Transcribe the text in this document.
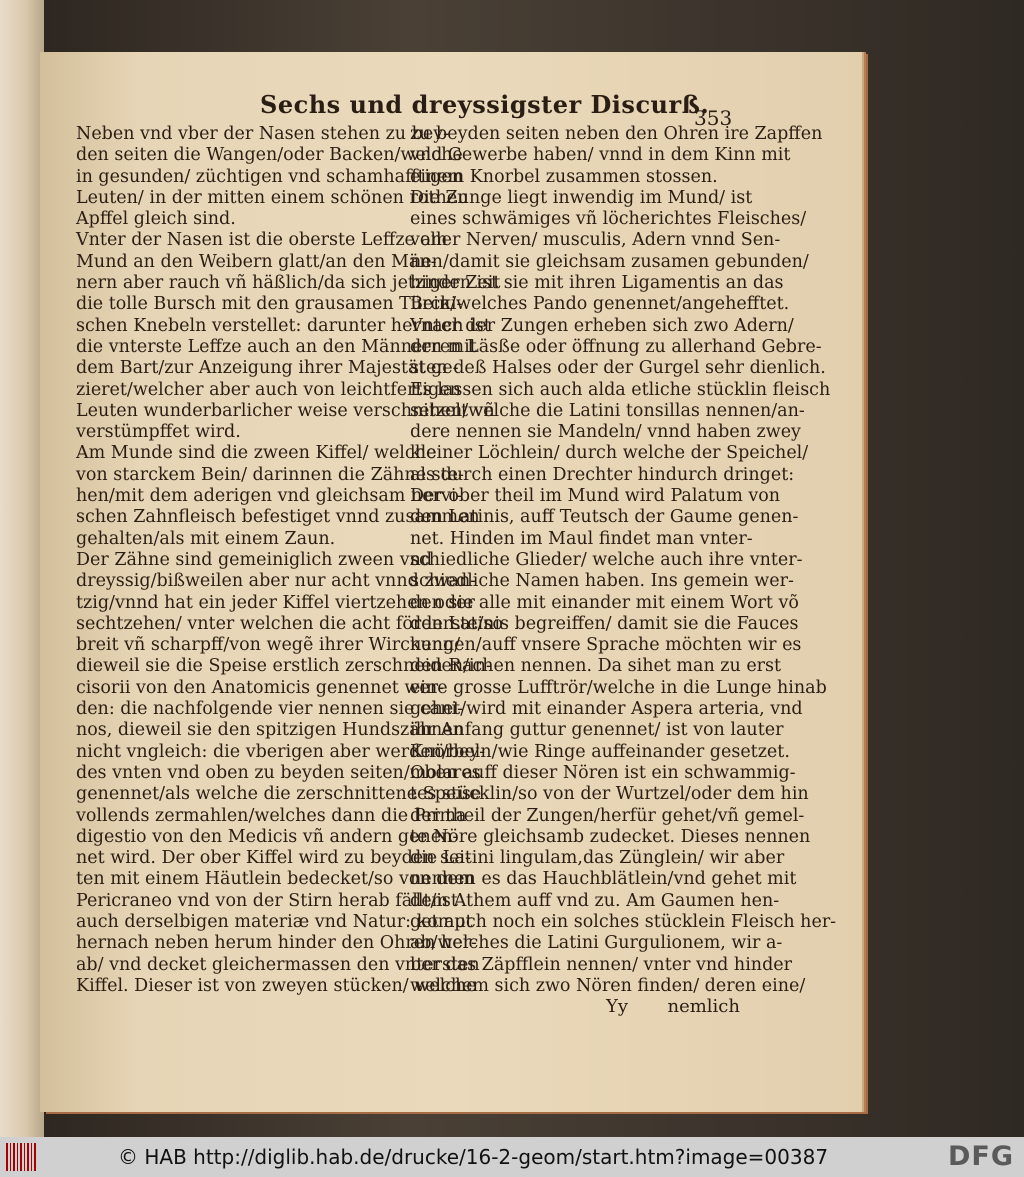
Sechs und dreyssigster Discurß.
353
Neben vnd vber der Nasen stehen zu bey-
den seiten die Wangen/oder Backen/welche
in gesunden/ züchtigen vnd schamhafftigen
Leuten/ in der mitten einem schönen rothen
Apffel gleich sind.
Vnter der Nasen ist die oberste Leffze am
Mund an den Weibern glatt/an den Män-
nern aber rauch vñ häßlich/da sich jetziger Zeit
die tolle Bursch mit den grausamen Türcki-
schen Knebeln verstellet: darunter hernach ist
die vnterste Leffze auch an den Männern mit
dem Bart/zur Anzeigung ihrer Majestät ge-
zieret/welcher aber auch von leichtfertigen
Leuten wunderbarlicher weise verschnitzelt vñ
verstümpffet wird.
Am Munde sind die zween Kiffel/ welche
von starckem Bein/ darinnen die Zähne ste-
hen/mit dem aderigen vnd gleichsam nervi-
schen Zahnfleisch befestiget vnnd zusammen
gehalten/als mit einem Zaun.
Der Zähne sind gemeiniglich zween vnd
dreyssig/bißweilen aber nur acht vnnd zwan-
tzig/vnnd hat ein jeder Kiffel viertzehen oder
sechtzehen/ vnter welchen die acht förderste/so
breit vñ scharpff/von wegẽ ihrer Wirckung/
dieweil sie die Speise erstlich zerschneiden/in-
cisorii von den Anatomicis genennet wer-
den: die nachfolgende vier nennen sie cani-
nos, dieweil sie den spitzigen Hundszähnen
nicht vngleich: die vberigen aber werden/bey-
des vnten vnd oben zu beyden seiten/molares
genennet/als welche die zerschnittene Speise
vollends zermahlen/welches dann die Prima
digestio von den Medicis vñ andern genen-
net wird. Der ober Kiffel wird zu beyden sei-
ten mit einem Häutlein bedecket/so von dem
Pericraneo vnd von der Stirn herab fällt/ist
auch derselbigen materiæ vnd Natur: kompt
hernach neben herum hinder den Ohren her-
ab/ vnd decket gleichermassen den vntersten
Kiffel. Dieser ist von zweyen stücken/ welche
zu beyden seiten neben den Ohren ire Zapffen
vnd Gewerbe haben/ vnnd in dem Kinn mit
einem Knorbel zusammen stossen.
Die Zunge liegt inwendig im Mund/ ist
eines schwämiges vñ löcherichtes Fleisches/
voller Nerven/ musculis, Adern vnnd Sen-
nen/damit sie gleichsam zusamen gebunden/
hinden ist sie mit ihren Ligamentis an das
Bein/welches Pando genennet/angehefftet.
Vnter der Zungen erheben sich zwo Adern/
deren Läsße oder öffnung zu allerhand Gebre-
sten deß Halses oder der Gurgel sehr dienlich.
Es lassen sich auch alda etliche stücklin fleisch
sehen/welche die Latini tonsillas nennen/an-
dere nennen sie Mandeln/ vnnd haben zwey
kleiner Löchlein/ durch welche der Speichel/
als durch einen Drechter hindurch dringet:
Der ober theil im Mund wird Palatum von
den Latinis, auff Teutsch der Gaume genen-
net. Hinden im Maul findet man vnter-
schiedliche Glieder/ welche auch ihre vnter-
schiedliche Namen haben. Ins gemein wer-
den sie alle mit einander mit einem Wort võ
den Latinis begreiffen/ damit sie die Fauces
nennen/auff vnsere Sprache möchten wir es
den Rachen nennen. Da sihet man zu erst
eine grosse Lufftrör/welche in die Lunge hinab
gehet/wird mit einander Aspera arteria, vnd
ihr Anfang guttur genennet/ ist von lauter
Knörbeln/wie Ringe auffeinander gesetzet.
Oben auff dieser Nören ist ein schwammig-
tes stücklin/so von der Wurtzel/oder dem hin
der theil der Zungen/herfür gehet/vñ gemel-
te Nöre gleichsamb zudecket. Dieses nennen
die Latini lingulam,das Zünglein/ wir aber
nennen es das Hauchblätlein/vnd gehet mit
dem Athem auff vnd zu. Am Gaumen hen-
get auch noch ein solches stücklein Fleisch her-
ab/welches die Latini Gurgulionem, wir a-
ber das Zäpfflein nennen/ vnter vnd hinder
welchem sich zwo Nören finden/ deren eine/
Yy nemlich
© HAB http://diglib.hab.de/drucke/16-2-geom/start.htm?image=00387	DFG
